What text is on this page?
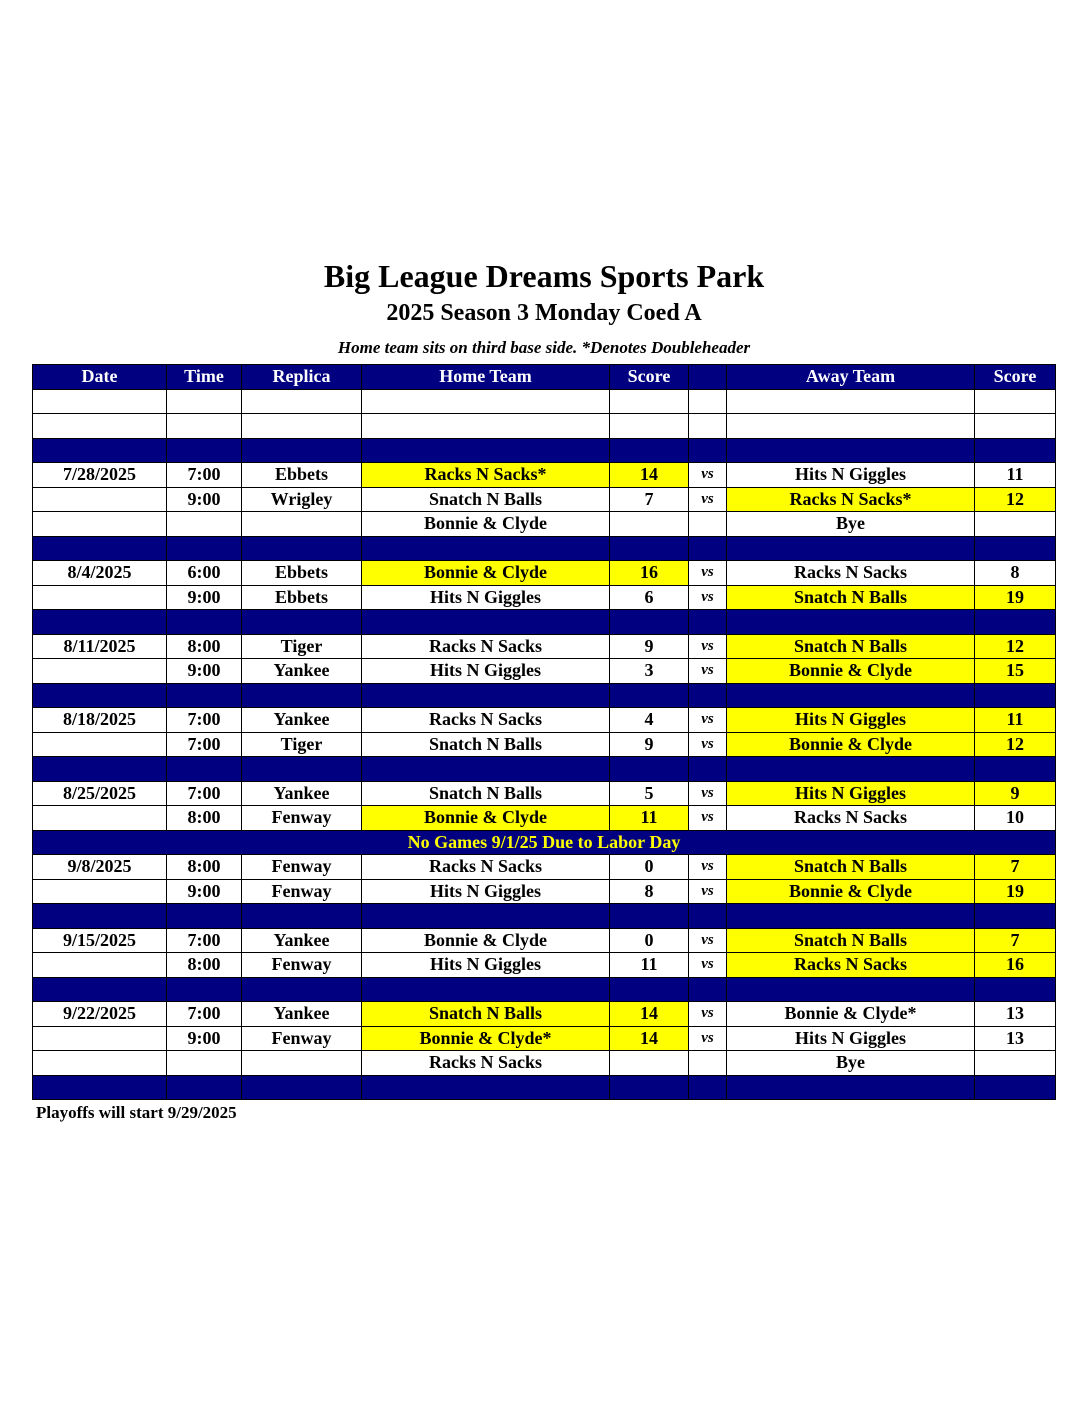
Big League Dreams Sports Park
2025 Season 3 Monday Coed A
Home team sits on third base side. *Denotes Doubleheader
Date	Time	Replica	Home Team	Score		Away Team	Score

7/28/2025	7:00	Ebbets	Racks N Sacks*	14	vs	Hits N Giggles	11
	9:00	Wrigley	Snatch N Balls	7	vs	Racks N Sacks*	12
			Bonnie & Clyde			Bye	

8/4/2025	6:00	Ebbets	Bonnie & Clyde	16	vs	Racks N Sacks	8
	9:00	Ebbets	Hits N Giggles	6	vs	Snatch N Balls	19

8/11/2025	8:00	Tiger	Racks N Sacks	9	vs	Snatch N Balls	12
	9:00	Yankee	Hits N Giggles	3	vs	Bonnie & Clyde	15

8/18/2025	7:00	Yankee	Racks N Sacks	4	vs	Hits N Giggles	11
	7:00	Tiger	Snatch N Balls	9	vs	Bonnie & Clyde	12

8/25/2025	7:00	Yankee	Snatch N Balls	5	vs	Hits N Giggles	9
	8:00	Fenway	Bonnie & Clyde	11	vs	Racks N Sacks	10
No Games 9/1/25 Due to Labor Day							
9/8/2025	8:00	Fenway	Racks N Sacks	0	vs	Snatch N Balls	7
	9:00	Fenway	Hits N Giggles	8	vs	Bonnie & Clyde	19

9/15/2025	7:00	Yankee	Bonnie & Clyde	0	vs	Snatch N Balls	7
	8:00	Fenway	Hits N Giggles	11	vs	Racks N Sacks	16

9/22/2025	7:00	Yankee	Snatch N Balls	14	vs	Bonnie & Clyde*	13
	9:00	Fenway	Bonnie & Clyde*	14	vs	Hits N Giggles	13
			Racks N Sacks			Bye	

Playoffs will start 9/29/2025
